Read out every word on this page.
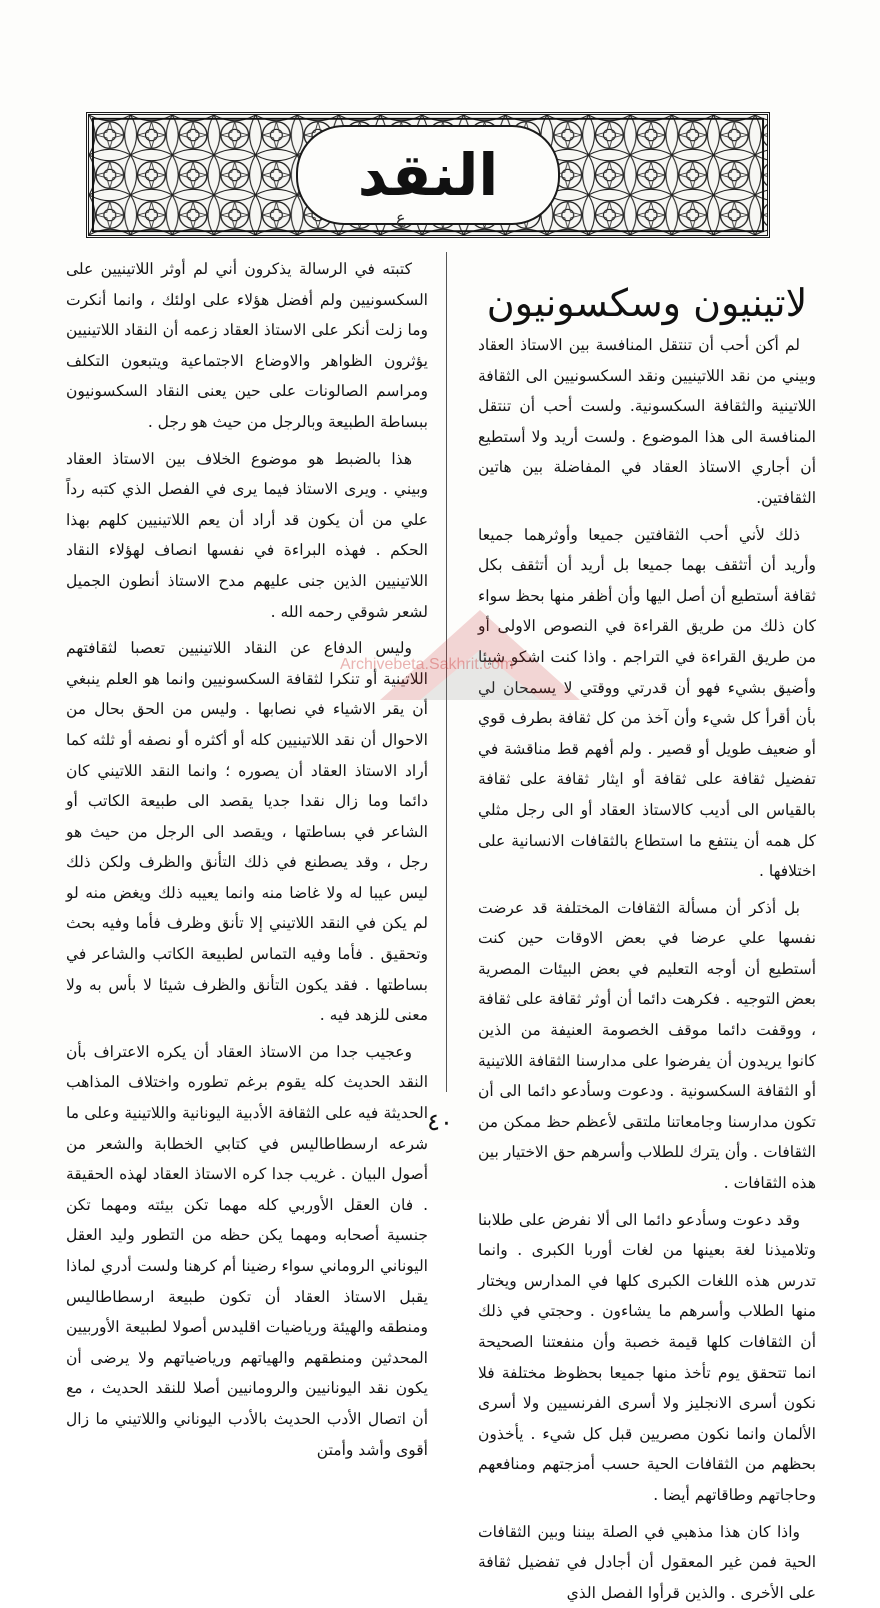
النقد
ع
لاتينيون وسكسونيون

لم أكن أحب أن تنتقل المنافسة بين الاستاذ العقاد وبيني من نقد اللاتينيين ونقد السكسونيين الى الثقافة اللاتينية والثقافة السكسونية. ولست أحب أن تنتقل المنافسة الى هذا الموضوع . ولست أريد ولا أستطيع أن أجاري الاستاذ العقاد في المفاضلة بين هاتين الثقافتين.

ذلك لأني أحب الثقافتين جميعا وأوثرهما جميعا وأريد أن أتثقف بهما جميعا بل أريد أن أتثقف بكل ثقافة أستطيع أن أصل اليها وأن أظفر منها بحظ سواء كان ذلك من طريق القراءة في النصوص الاولى أو من طريق القراءة في التراجم . واذا كنت اشكو شيئا وأضيق بشيء فهو أن قدرتي ووقتي لا يسمحان لي بأن أقرأ كل شيء وأن آخذ من كل ثقافة بطرف قوي أو ضعيف طويل أو قصير . ولم أفهم قط مناقشة في تفضيل ثقافة على ثقافة أو ايثار ثقافة على ثقافة بالقياس الى أديب كالاستاذ العقاد أو الى رجل مثلي كل همه أن ينتفع ما استطاع بالثقافات الانسانية على اختلافها .

بل أذكر أن مسألة الثقافات المختلفة قد عرضت نفسها علي عرضا في بعض الاوقات حين كنت أستطيع أن أوجه التعليم في بعض البيئات المصرية بعض التوجيه . فكرهت دائما أن أوثر ثقافة على ثقافة ، ووقفت دائما موقف الخصومة العنيفة من الذين كانوا يريدون أن يفرضوا على مدارسنا الثقافة اللاتينية أو الثقافة السكسونية . ودعوت وسأدعو دائما الى أن تكون مدارسنا وجامعاتنا ملتقى لأعظم حظ ممكن من الثقافات . وأن يترك للطلاب وأسرهم حق الاختيار بين هذه الثقافات .

وقد دعوت وسأدعو دائما الى ألا نفرض على طلابنا وتلاميذنا لغة بعينها من لغات أوربا الكبرى . وانما تدرس هذه اللغات الكبرى كلها في المدارس ويختار منها الطلاب وأسرهم ما يشاءون . وحجتي في ذلك أن الثقافات كلها قيمة خصبة وأن منفعتنا الصحيحة انما تتحقق يوم تأخذ منها جميعا بحظوظ مختلفة فلا نكون أسرى الانجليز ولا أسرى الفرنسيين ولا أسرى الألمان وانما نكون مصريين قبل كل شيء . يأخذون بحظهم من الثقافات الحية حسب أمزجتهم ومنافعهم وحاجاتهم وطاقاتهم أيضا .

واذا كان هذا مذهبي في الصلة بيننا وبين الثقافات الحية فمن غير المعقول أن أجادل في تفضيل ثقافة على الأخرى . والذين قرأوا الفصل الذي

كتبته في الرسالة يذكرون أني لم أوثر اللاتينيين على السكسونيين ولم أفضل هؤلاء على اولئك ، وانما أنكرت وما زلت أنكر على الاستاذ العقاد زعمه أن النقاد اللاتينيين يؤثرون الظواهر والاوضاع الاجتماعية ويتبعون التكلف ومراسم الصالونات على حين يعنى النقاد السكسونيون ببساطة الطبيعة وبالرجل من حيث هو رجل .

هذا بالضبط هو موضوع الخلاف بين الاستاذ العقاد وبيني . ويرى الاستاذ فيما يرى في الفصل الذي كتبه رداً علي من أن يكون قد أراد أن يعم اللاتينيين كلهم بهذا الحكم . فهذه البراءة في نفسها انصاف لهؤلاء النقاد اللاتينيين الذين جنى عليهم مدح الاستاذ أنطون الجميل لشعر شوقي رحمه الله .

وليس الدفاع عن النقاد اللاتينيين تعصبا لثقافتهم اللاتينية أو تنكرا لثقافة السكسونيين وانما هو العلم ينبغي أن يقر الاشياء في نصابها . وليس من الحق بحال من الاحوال أن نقد اللاتينيين كله أو أكثره أو نصفه أو ثلثه كما أراد الاستاذ العقاد أن يصوره ؛ وانما النقد اللاتيني كان دائما وما زال نقدا جديا يقصد الى طبيعة الكاتب أو الشاعر في بساطتها ، ويقصد الى الرجل من حيث هو رجل ، وقد يصطنع في ذلك التأنق والظرف ولكن ذلك ليس عيبا له ولا غاضا منه وانما يعيبه ذلك ويغض منه لو لم يكن في النقد اللاتيني إلا تأنق وظرف فأما وفيه بحث وتحقيق . فأما وفيه التماس لطبيعة الكاتب والشاعر في بساطتها . فقد يكون التأنق والظرف شيئا لا بأس به ولا معنى للزهد فيه .

وعجيب جدا من الاستاذ العقاد أن يكره الاعتراف بأن النقد الحديث كله يقوم برغم تطوره واختلاف المذاهب الحديثة فيه على الثقافة الأدبية اليونانية واللاتينية وعلى ما شرعه ارسطاطاليس في كتابي الخطابة والشعر من أصول البيان . غريب جدا كره الاستاذ العقاد لهذه الحقيقة . فان العقل الأوربي كله مهما تكن بيئته ومهما تكن جنسية أصحابه ومهما يكن حظه من التطور وليد العقل اليوناني الروماني سواء رضينا أم كرهنا ولست أدري لماذا يقبل الاستاذ العقاد أن تكون طبيعة ارسطاطاليس ومنطقه والهيئة ورياضيات اقليدس أصولا لطبيعة الأوربيين المحدثين ومنطقهم والهياتهم ورياضياتهم ولا يرضى أن يكون نقد اليونانيين والرومانيين أصلا للنقد الحديث ، مع أن اتصال الأدب الحديث بالأدب اليوناني واللاتيني ما زال أقوى وأشد وأمتن

Archivebeta.Sakhrit.com
٤٠
